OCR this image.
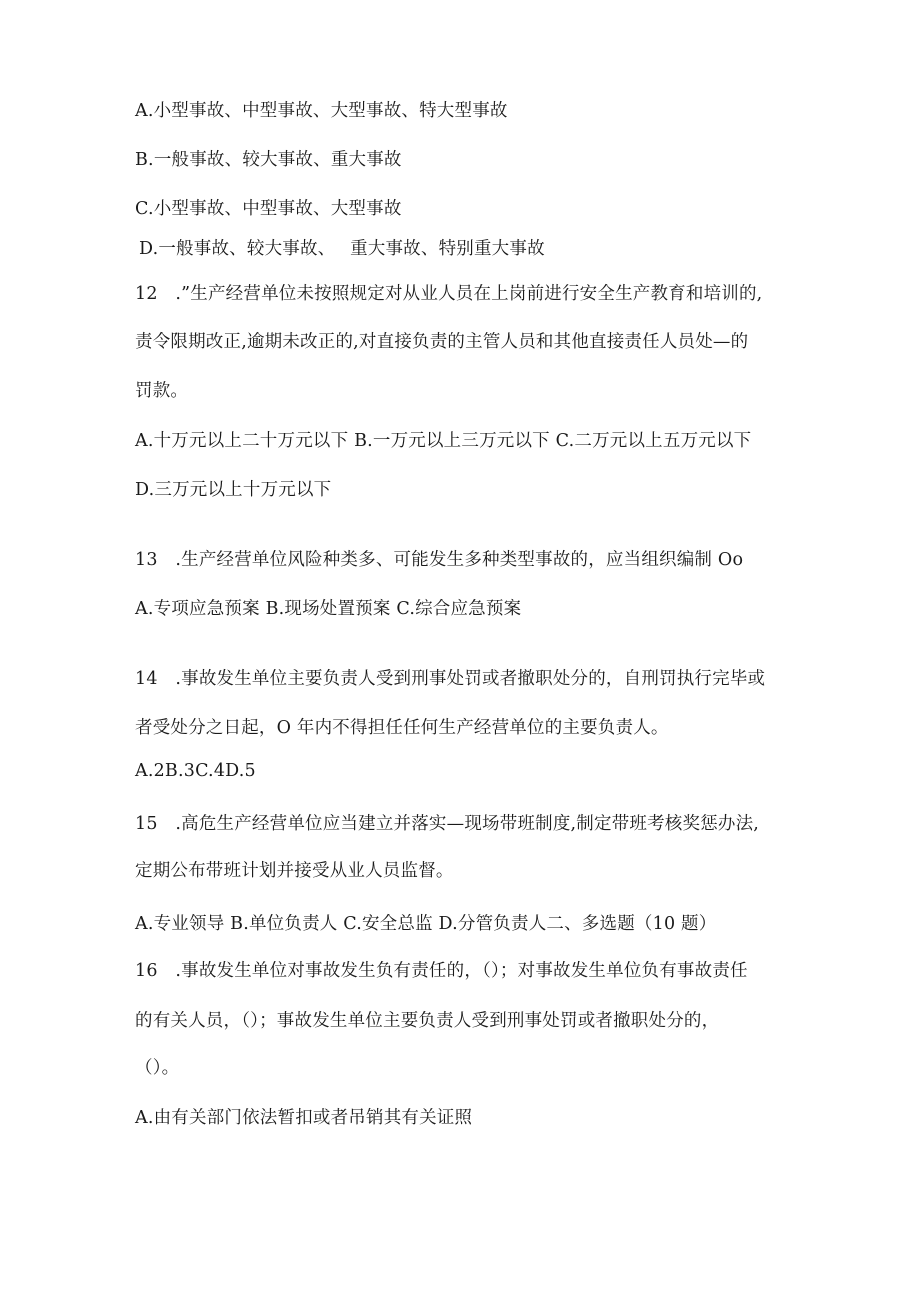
A.小型事故、中型事故、大型事故、特大型事故
B.一般事故、较大事故、重大事故
C.小型事故、中型事故、大型事故
D.一般事故、较大事故、　 重大事故、特别重大事故
12　.”生产经营单位未按照规定对从业人员在上岗前进行安全生产教育和培训的,
责令限期改正,逾期未改正的,对直接负责的主管人员和其他直接责任人员处—的
罚款。
A.十万元以上二十万元以下 B.一万元以上三万元以下 C.二万元以上五万元以下
D.三万元以上十万元以下
13　.生产经营单位风险种类多、可能发生多种类型事故的，应当组织编制 Oo
A.专项应急预案 B.现场处置预案 C.综合应急预案
14　.事故发生单位主要负责人受到刑事处罚或者撤职处分的，自刑罚执行完毕或
者受处分之日起，O 年内不得担任任何生产经营单位的主要负责人。
A.2B.3C.4D.5
15　.高危生产经营单位应当建立并落实—现场带班制度,制定带班考核奖惩办法,
定期公布带班计划并接受从业人员监督。
A.专业领导 B.单位负责人 C.安全总监 D.分管负责人二、多选题（10 题）
16　.事故发生单位对事故发生负有责任的，（）；对事故发生单位负有事故责任
的有关人员，（）；事故发生单位主要负责人受到刑事处罚或者撤职处分的，
（）。
A.由有关部门依法暂扣或者吊销其有关证照
